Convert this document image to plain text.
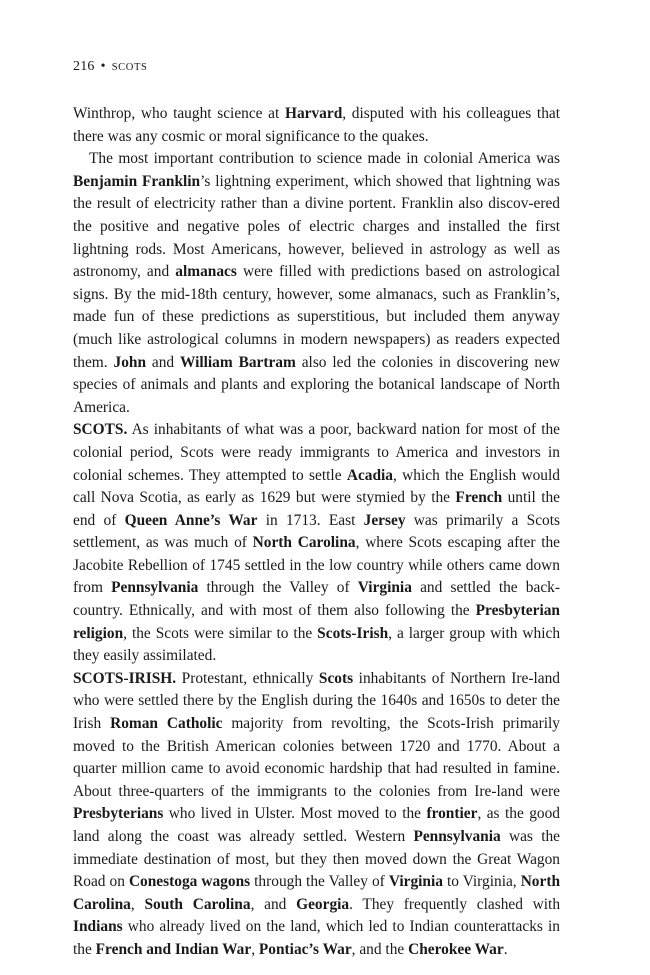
216 • SCOTS

Winthrop, who taught science at Harvard, disputed with his colleagues that there was any cosmic or moral significance to the quakes.

The most important contribution to science made in colonial America was Benjamin Franklin’s lightning experiment, which showed that lightning was the result of electricity rather than a divine portent. Franklin also discov-ered the positive and negative poles of electric charges and installed the first lightning rods. Most Americans, however, believed in astrology as well as astronomy, and almanacs were filled with predictions based on astrological signs. By the mid-18th century, however, some almanacs, such as Franklin’s, made fun of these predictions as superstitious, but included them anyway (much like astrological columns in modern newspapers) as readers expected them. John and William Bartram also led the colonies in discovering new species of animals and plants and exploring the botanical landscape of North America.

SCOTS. As inhabitants of what was a poor, backward nation for most of the colonial period, Scots were ready immigrants to America and investors in colonial schemes. They attempted to settle Acadia, which the English would call Nova Scotia, as early as 1629 but were stymied by the French until the end of Queen Anne’s War in 1713. East Jersey was primarily a Scots settlement, as was much of North Carolina, where Scots escaping after the Jacobite Rebellion of 1745 settled in the low country while others came down from Pennsylvania through the Valley of Virginia and settled the back-country. Ethnically, and with most of them also following the Presbyterian religion, the Scots were similar to the Scots-Irish, a larger group with which they easily assimilated.

SCOTS-IRISH. Protestant, ethnically Scots inhabitants of Northern Ire-land who were settled there by the English during the 1640s and 1650s to deter the Irish Roman Catholic majority from revolting, the Scots-Irish primarily moved to the British American colonies between 1720 and 1770. About a quarter million came to avoid economic hardship that had resulted in famine. About three-quarters of the immigrants to the colonies from Ire-land were Presbyterians who lived in Ulster. Most moved to the frontier, as the good land along the coast was already settled. Western Pennsylvania was the immediate destination of most, but they then moved down the Great Wagon Road on Conestoga wagons through the Valley of Virginia to Virginia, North Carolina, South Carolina, and Georgia. They frequently clashed with Indians who already lived on the land, which led to Indian counterattacks in the French and Indian War, Pontiac’s War, and the Cherokee War.
